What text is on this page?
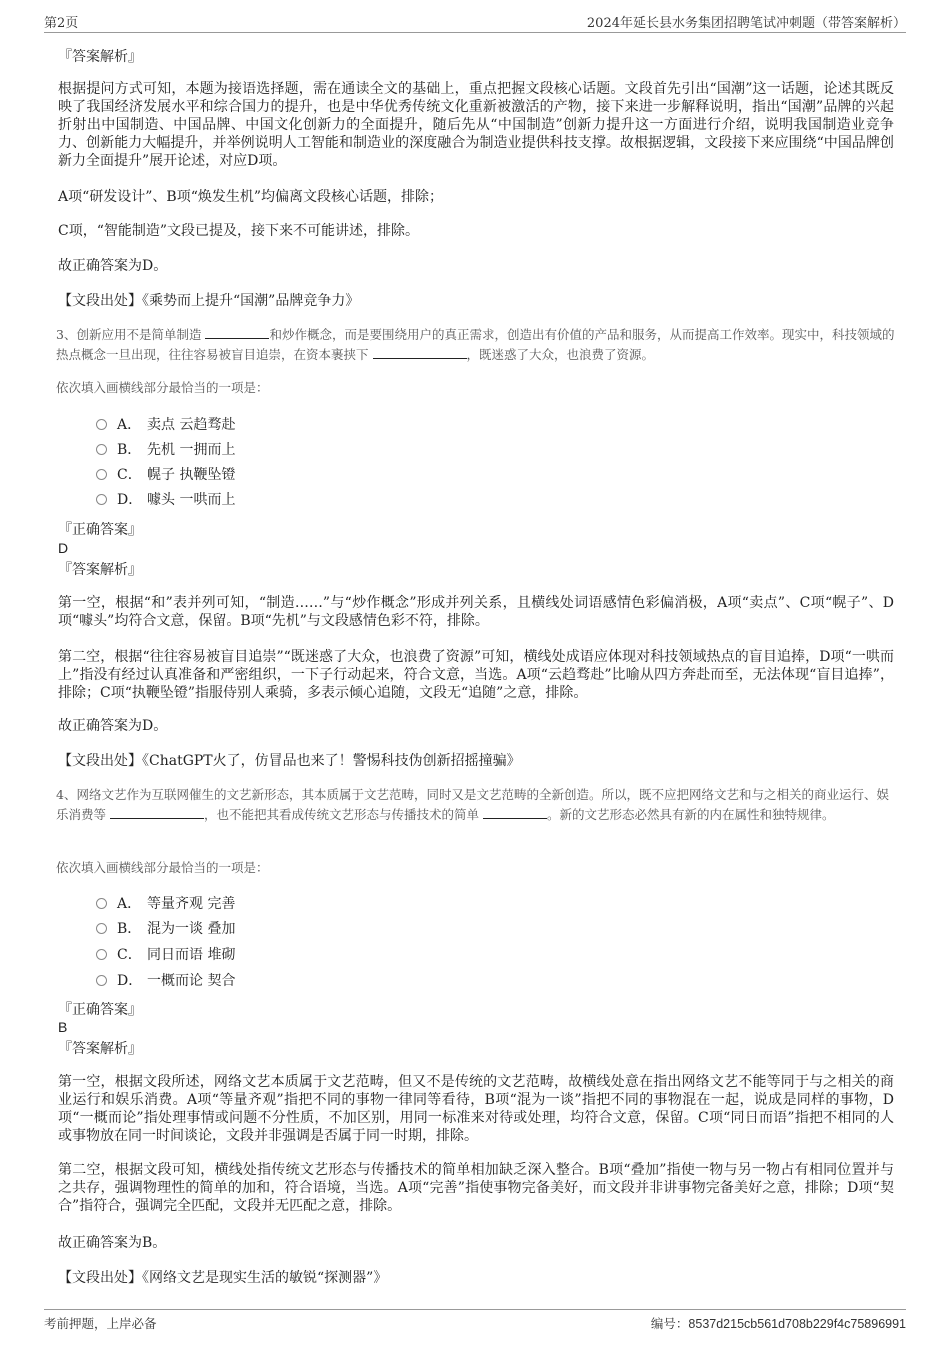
第2页	2024年延长县水务集团招聘笔试冲刺题（带答案解析）
『答案解析』
根据提问方式可知，本题为接语选择题，需在通读全文的基础上，重点把握文段核心话题。文段首先引出“国潮”这一话题，论述其既反映了我国经济发展水平和综合国力的提升，也是中华优秀传统文化重新被激活的产物，接下来进一步解释说明，指出“国潮”品牌的兴起折射出中国制造、中国品牌、中国文化创新力的全面提升，随后先从“中国制造”创新力提升这一方面进行介绍，说明我国制造业竞争力、创新能力大幅提升，并举例说明人工智能和制造业的深度融合为制造业提供科技支撑。故根据逻辑，文段接下来应围绕“中国品牌创新力全面提升”展开论述，对应D项。
A项“研发设计”、B项“焕发生机”均偏离文段核心话题，排除；
C项，“智能制造”文段已提及，接下来不可能讲述，排除。
故正确答案为D。
【文段出处】《乘势而上提升“国潮”品牌竞争力》
3、创新应用不是简单制造	和炒作概念，而是要围绕用户的真正需求，创造出有价值的产品和服务，从而提高工作效率。现实中，科技领域的热点概念一旦出现，往往容易被盲目追崇，在资本裹挟下	，既迷惑了大众，也浪费了资源。
依次填入画横线部分最恰当的一项是：
A． 卖点 云趋骛赴
B． 先机 一拥而上
C． 幌子 执鞭坠镫
D． 噱头 一哄而上
『正确答案』
D
『答案解析』
第一空，根据“和”表并列可知，“制造……”与“炒作概念”形成并列关系，且横线处词语感情色彩偏消极，A项“卖点”、C项“幌子”、D项“噱头”均符合文意，保留。B项“先机”与文段感情色彩不符，排除。
第二空，根据“往往容易被盲目追崇”“既迷惑了大众，也浪费了资源”可知，横线处成语应体现对科技领域热点的盲目追捧，D项“一哄而上”指没有经过认真准备和严密组织，一下子行动起来，符合文意，当选。A项“云趋骛赴”比喻从四方奔赴而至，无法体现“盲目追捧”，排除；C项“执鞭坠镫”指服侍别人乘骑，多表示倾心追随，文段无“追随”之意，排除。
故正确答案为D。
【文段出处】《ChatGPT火了，仿冒品也来了！警惕科技伪创新招摇撞骗》
4、网络文艺作为互联网催生的文艺新形态，其本质属于文艺范畴，同时又是文艺范畴的全新创造。所以，既不应把网络文艺和与之相关的商业运行、娱乐消费等	，也不能把其看成传统文艺形态与传播技术的简单	。新的文艺形态必然具有新的内在属性和独特规律。
依次填入画横线部分最恰当的一项是：
A． 等量齐观 完善
B． 混为一谈 叠加
C． 同日而语 堆砌
D． 一概而论 契合
『正确答案』
B
『答案解析』
第一空，根据文段所述，网络文艺本质属于文艺范畴，但又不是传统的文艺范畴，故横线处意在指出网络文艺不能等同于与之相关的商业运行和娱乐消费。A项“等量齐观”指把不同的事物一律同等看待，B项“混为一谈”指把不同的事物混在一起，说成是同样的事物，D项“一概而论”指处理事情或问题不分性质，不加区别，用同一标准来对待或处理，均符合文意，保留。C项“同日而语”指把不相同的人或事物放在同一时间谈论，文段并非强调是否属于同一时期，排除。
第二空，根据文段可知，横线处指传统文艺形态与传播技术的简单相加缺乏深入整合。B项“叠加”指使一物与另一物占有相同位置并与之共存，强调物理性的简单的加和，符合语境，当选。A项“完善”指使事物完备美好，而文段并非讲事物完备美好之意，排除；D项“契合”指符合，强调完全匹配，文段并无匹配之意，排除。
故正确答案为B。
【文段出处】《网络文艺是现实生活的敏锐“探测器”》
考前押题，上岸必备	编号：8537d215cb561d708b229f4c75896991
